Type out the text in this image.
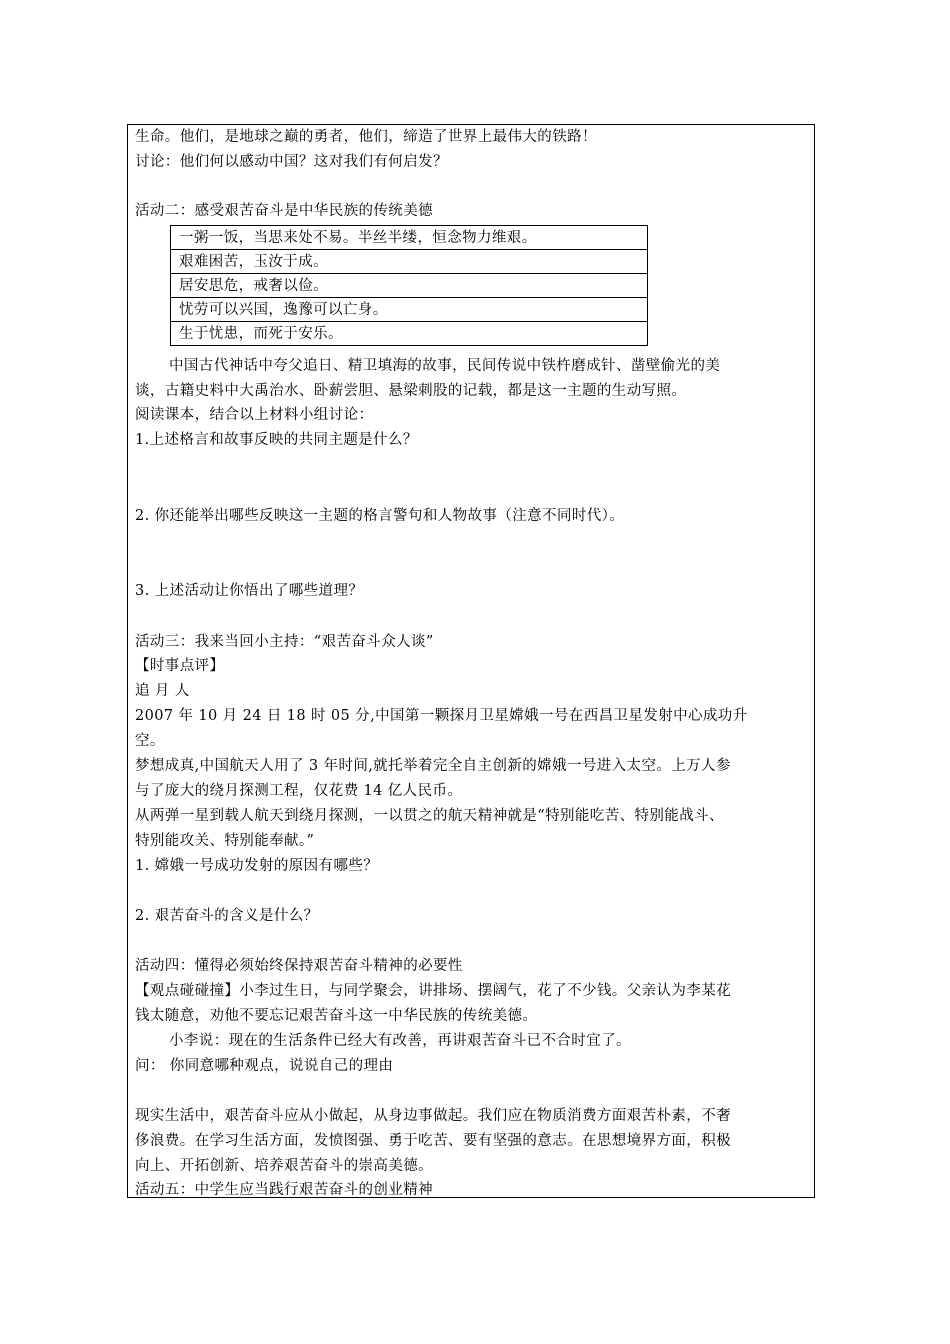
生命。他们，是地球之巅的勇者，他们，缔造了世界上最伟大的铁路！
讨论：他们何以感动中国？这对我们有何启发？
活动二：感受艰苦奋斗是中华民族的传统美德
一粥一饭，当思来处不易。半丝半缕，恒念物力维艰。
艰难困苦，玉汝于成。
居安思危，戒奢以俭。
忧劳可以兴国，逸豫可以亡身。
生于忧患，而死于安乐。
中国古代神话中夸父追日、精卫填海的故事，民间传说中铁杵磨成针、凿壁偷光的美
谈，古籍史料中大禹治水、卧薪尝胆、悬梁刺股的记载，都是这一主题的生动写照。
阅读课本，结合以上材料小组讨论：
1.上述格言和故事反映的共同主题是什么？
2. 你还能举出哪些反映这一主题的格言警句和人物故事（注意不同时代）。
3. 上述活动让你悟出了哪些道理？
活动三：我来当回小主持：“艰苦奋斗众人谈”
【时事点评】
追 月 人
2007 年 10 月 24 日 18 时 05 分,中国第一颗探月卫星嫦娥一号在西昌卫星发射中心成功升
空。
梦想成真,中国航天人用了 3 年时间,就托举着完全自主创新的嫦娥一号进入太空。上万人参
与了庞大的绕月探测工程，仅花费 14 亿人民币。
从两弹一星到载人航天到绕月探测，一以贯之的航天精神就是“特别能吃苦、特别能战斗、
特别能攻关、特别能奉献。”
1. 嫦娥一号成功发射的原因有哪些？
2. 艰苦奋斗的含义是什么？
活动四：懂得必须始终保持艰苦奋斗精神的必要性
【观点碰碰撞】小李过生日，与同学聚会，讲排场、摆阔气，花了不少钱。父亲认为李某花
钱太随意，劝他不要忘记艰苦奋斗这一中华民族的传统美德。
小李说：现在的生活条件已经大有改善，再讲艰苦奋斗已不合时宜了。
问： 你同意哪种观点，说说自己的理由
现实生活中，艰苦奋斗应从小做起，从身边事做起。我们应在物质消费方面艰苦朴素，不奢
侈浪费。在学习生活方面，发愤图强、勇于吃苦、要有坚强的意志。在思想境界方面，积极
向上、开拓创新、培养艰苦奋斗的崇高美德。
活动五：中学生应当践行艰苦奋斗的创业精神
